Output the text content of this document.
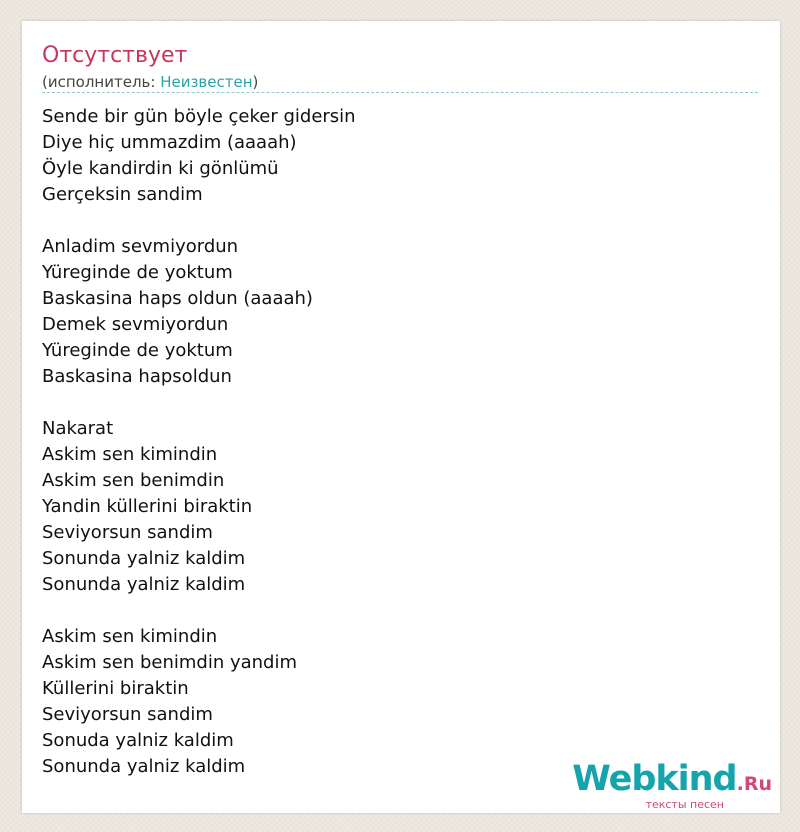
Отсутствует
(исполнитель: Неизвестен)
Sende bir gün böyle çeker gidersin
Diye hiç ummazdim (aaaah)
Öyle kandirdin ki gönlümü
Gerçeksin sandim
Anladim sevmiyordun
Yüreginde de yoktum
Baskasina haps oldun (aaaah)
Demek sevmiyordun
Yüreginde de yoktum
Baskasina hapsoldun
Nakarat
Askim sen kimindin
Askim sen benimdin
Yandin küllerini biraktin
Seviyorsun sandim
Sonunda yalniz kaldim
Sonunda yalniz kaldim
Askim sen kimindin
Askim sen benimdin yandim
Küllerini biraktin
Seviyorsun sandim
Sonuda yalniz kaldim
Sonunda yalniz kaldim	Webkind.Ru
тексты песен
